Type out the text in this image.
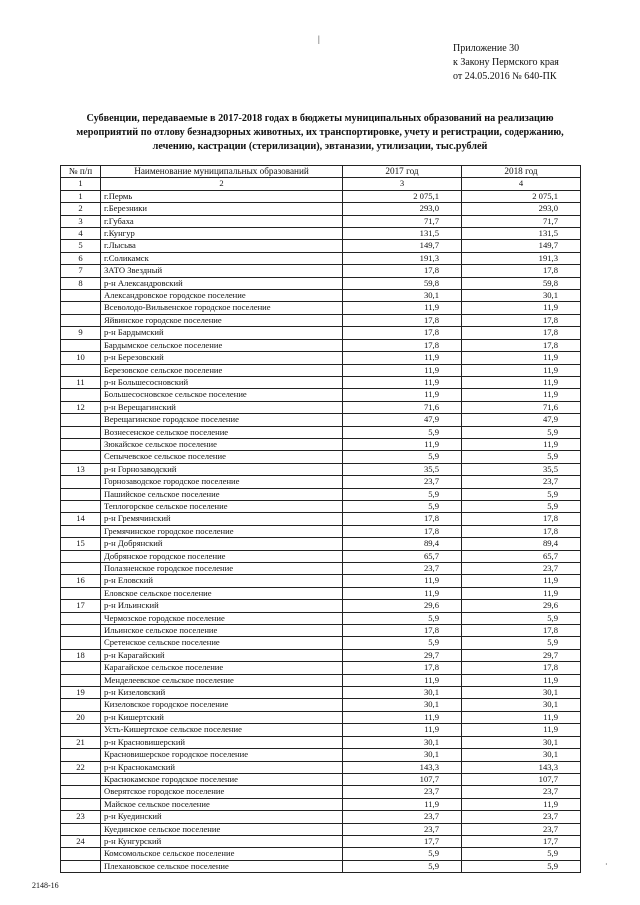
|
Приложение 30
к Закону Пермского края
от 24.05.2016 № 640-ПК
Субвенции, передаваемые в 2017-2018 годах в бюджеты муниципальных образований на реализацию
мероприятий по отлову безнадзорных животных, их транспортировке, учету и регистрации, содержанию,
лечению, кастрации (стерилизации), эвтаназии, утилизации, тыс.рублей
№ п/п	Наименование муниципальных образований	2017 год	2018 год
1	2	3	4
1	г.Пермь	2 075,1	2 075,1
2	г.Березники	293,0	293,0
3	г.Губаха	71,7	71,7
4	г.Кунгур	131,5	131,5
5	г.Лысьва	149,7	149,7
6	г.Соликамск	191,3	191,3
7	ЗАТО Звездный	17,8	17,8
8	р-н Александровский	59,8	59,8
	Александровское городское поселение	30,1	30,1
	Всеволодо-Вильвенское городское поселение	11,9	11,9
	Яйвинское городское поселение	17,8	17,8
9	р-н Бардымский	17,8	17,8
	Бардымское сельское поселение	17,8	17,8
10	р-н Березовский	11,9	11,9
	Березовское сельское поселение	11,9	11,9
11	р-н Большесосновский	11,9	11,9
	Большесосновское сельское поселение	11,9	11,9
12	р-н Верещагинский	71,6	71,6
	Верещагинское городское поселение	47,9	47,9
	Вознесенское сельское поселение	5,9	5,9
	Зюкайское сельское поселение	11,9	11,9
	Сепычевское сельское поселение	5,9	5,9
13	р-н Горнозаводский	35,5	35,5
	Горнозаводское городское поселение	23,7	23,7
	Пашийское сельское поселение	5,9	5,9
	Теплогорское сельское поселение	5,9	5,9
14	р-н Гремячинский	17,8	17,8
	Гремячинское городское поселение	17,8	17,8
15	р-н Добрянский	89,4	89,4
	Добрянское городское поселение	65,7	65,7
	Полазненское городское поселение	23,7	23,7
16	р-н Еловский	11,9	11,9
	Еловское сельское поселение	11,9	11,9
17	р-н Ильинский	29,6	29,6
	Чермозское городское поселение	5,9	5,9
	Ильинское сельское поселение	17,8	17,8
	Сретенское сельское поселение	5,9	5,9
18	р-н Карагайский	29,7	29,7
	Карагайское сельское поселение	17,8	17,8
	Менделеевское сельское поселение	11,9	11,9
19	р-н Кизеловский	30,1	30,1
	Кизеловское городское поселение	30,1	30,1
20	р-н Кишертский	11,9	11,9
	Усть-Кишертское сельское поселение	11,9	11,9
21	р-н Красновишерский	30,1	30,1
	Красновишерское городское поселение	30,1	30,1
22	р-н Краснокамский	143,3	143,3
	Краснокамское городское поселение	107,7	107,7
	Оверятское городское поселение	23,7	23,7
	Майское сельское поселение	11,9	11,9
23	р-н Куединский	23,7	23,7
	Куединское сельское поселение	23,7	23,7
24	р-н Кунгурский	17,7	17,7
	Комсомольское сельское поселение	5,9	5,9
	Плехановское сельское поселение	5,9	5,9	·
2148-16
